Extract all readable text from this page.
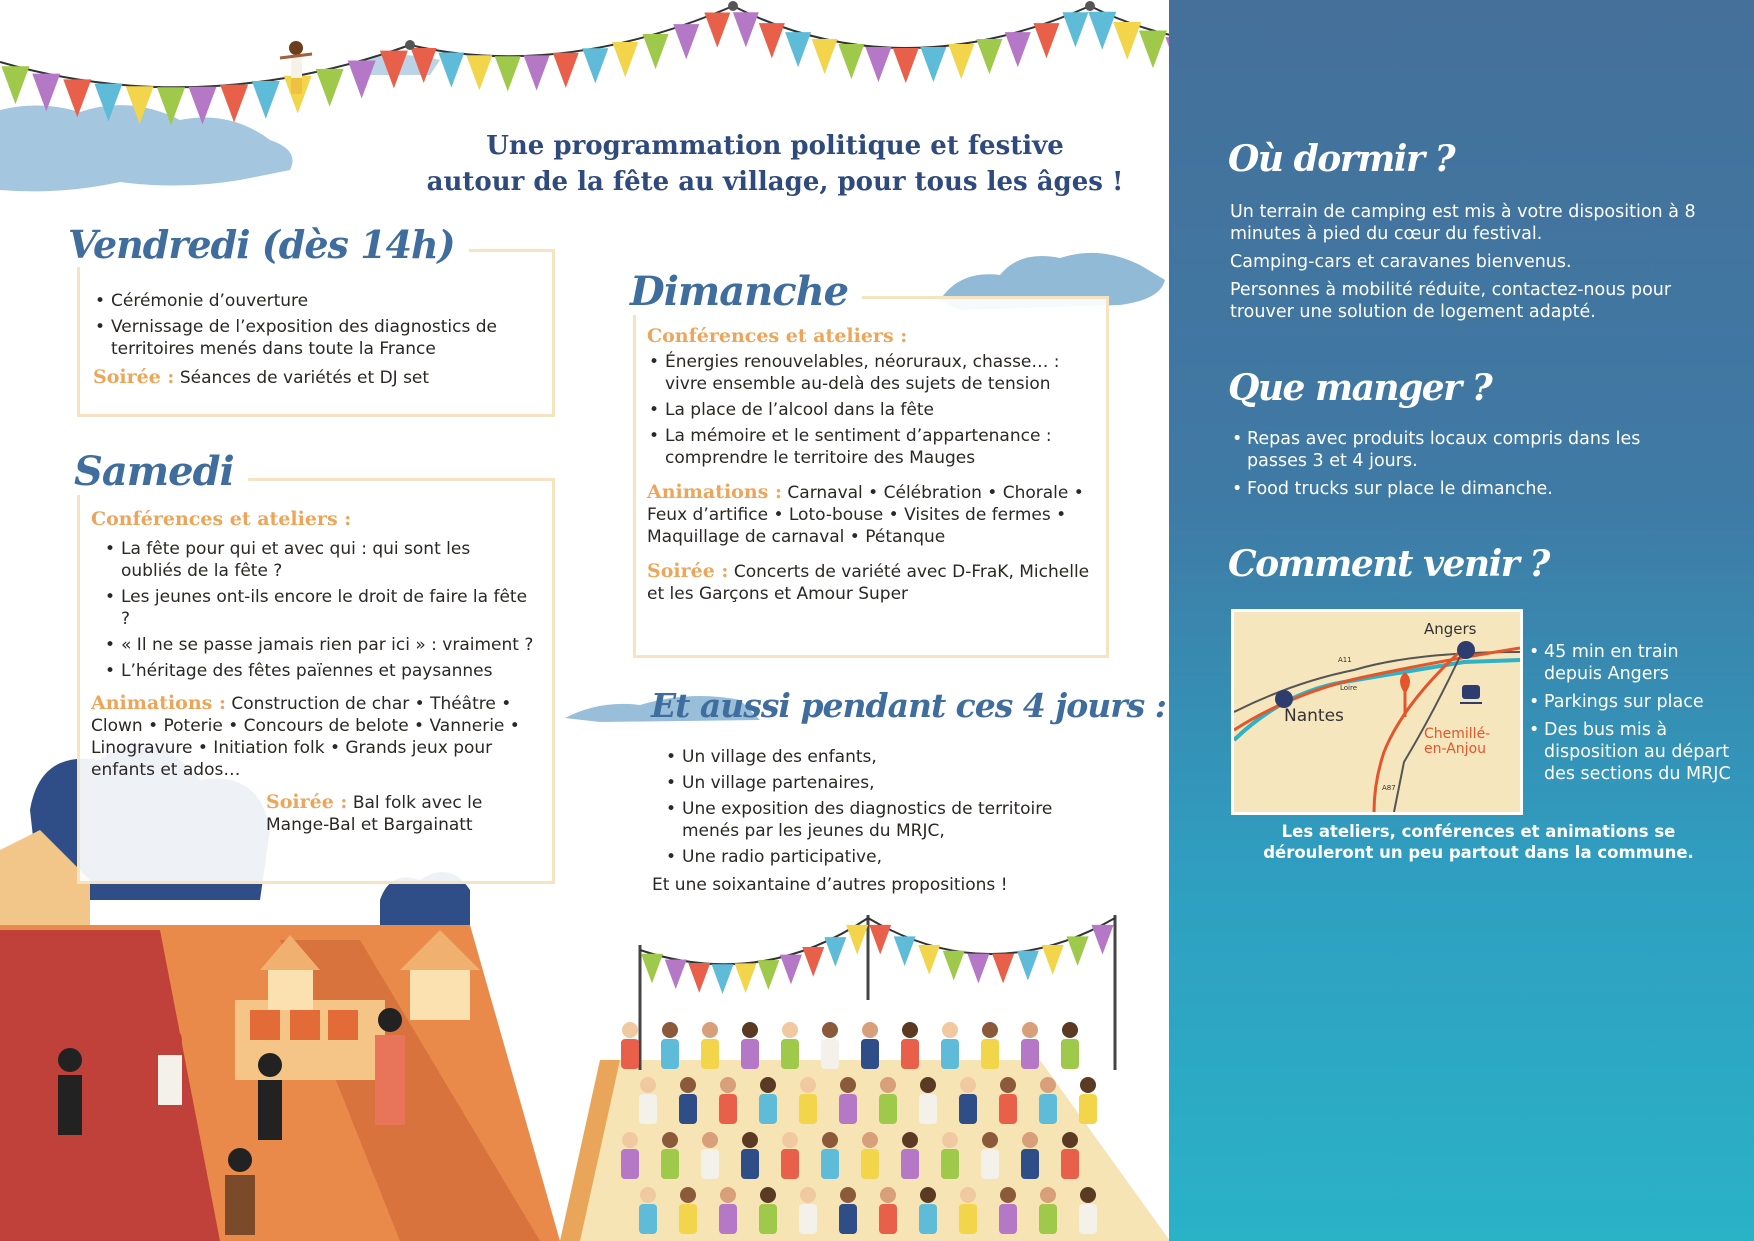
Une programmation politique et festive
autour de la fête au village, pour tous les âges !
Vendredi (dès 14h)
• Cérémonie d’ouverture
• Vernissage de l’exposition des diagnostics de territoires menés dans toute la France
Soirée : Séances de variétés et DJ set
Samedi
Conférences et ateliers :
• La fête pour qui et avec qui : qui sont les oubliés de la fête ?
• Les jeunes ont-ils encore le droit de faire la fête ?
• « Il ne se passe jamais rien par ici » : vraiment ?
• L’héritage des fêtes païennes et paysannes
Animations : Construction de char • Théâtre • Clown • Poterie • Concours de belote • Vannerie • Linogravure • Initiation folk • Grands jeux pour enfants et ados…
Soirée : Bal folk avec le Mange-Bal et Bargainatt
Dimanche
Conférences et ateliers :
• Énergies renouvelables, néoruraux, chasse… : vivre ensemble au-delà des sujets de tension
• La place de l’alcool dans la fête
• La mémoire et le sentiment d’appartenance : comprendre le territoire des Mauges
Animations : Carnaval • Célébration • Chorale • Feux d’artifice • Loto-bouse • Visites de fermes • Maquillage de carnaval • Pétanque
Soirée : Concerts de variété avec D-FraK, Michelle et les Garçons et Amour Super
Et aussi pendant ces 4 jours :
• Un village des enfants,
• Un village partenaires,
• Une exposition des diagnostics de territoire menés par les jeunes du MRJC,
• Une radio participative,
Et une soixantaine d’autres propositions !
Où dormir ?

Un terrain de camping est mis à votre disposition à 8 minutes à pied du cœur du festival.

Camping-cars et caravanes bienvenus.

Personnes à mobilité réduite, contactez-nous pour trouver une solution de logement adapté.

Que manger ?
• Repas avec produits locaux compris dans les passes 3 et 4 jours.
• Food trucks sur place le dimanche.
Comment venir ?
Angers
Nantes
Chemillé-en-Anjou
A11
A87
Loire
• 45 min en train depuis Angers
• Parkings sur place
• Des bus mis à disposition au départ des sections du MRJC
Les ateliers, conférences et animations se dérouleront un peu partout dans la commune.
